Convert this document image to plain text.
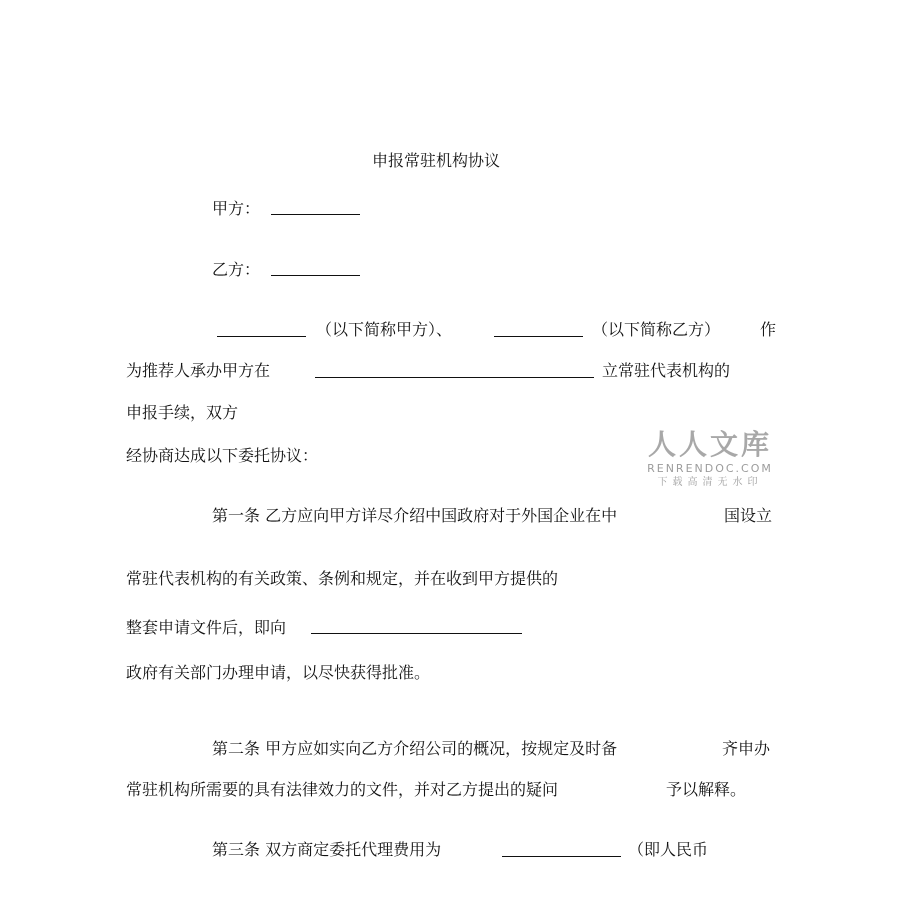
申报常驻机构协议
甲方：
乙方：
（以下简称甲方）、	（以下简称乙方） 作
为推荐人承办甲方在	立常驻代表机构的
申报手续，双方
经协商达成以下委托协议：
第一条 乙方应向甲方详尽介绍中国政府对于外国企业在中	国设立
常驻代表机构的有关政策、条例和规定，并在收到甲方提供的
整套申请文件后，即向
政府有关部门办理申请，以尽快获得批准。
第二条 甲方应如实向乙方介绍公司的概况，按规定及时备	齐申办
常驻机构所需要的具有法律效力的文件，并对乙方提出的疑问	予以解释。
第三条 双方商定委托代理费用为	（即人民币
人人文库
RENRENDOC.COM
下载高清无水印
